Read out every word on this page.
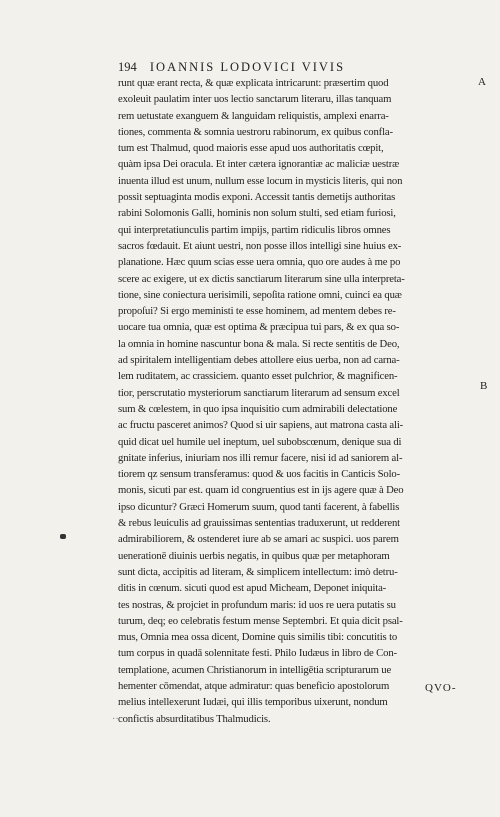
194 IOANNIS LODOVICI VIVIS
A
B
runt quæ erant recta, & quæ explicata intricarunt: præsertim quod
exoleuit paulatim inter uos lectio sanctarum literaru, illas tanquam
rem uetustate exanguem & languidam reliquistis, amplexi enarra-
tiones, commenta & somnia uestroru rabinorum, ex quibus confla-
tum est Thalmud, quod maioris esse apud uos authoritatis cœpit,
quàm ipsa Dei oracula. Et inter cætera ignorantiæ ac maliciæ uestræ
inuenta illud est unum, nullum esse locum in mysticis literis, qui non
possit septuaginta modis exponi. Accessit tantis demetijs authoritas
rabini Solomonis Galli, hominis non solum stulti, sed etiam furiosi,
qui interpretatiunculis partim impijs, partim ridiculis libros omnes
sacros fœdauit. Et aiunt uestri, non posse illos intelligi sine huius ex-
planatione. Hæc quum scias esse uera omnia, quo ore audes à me po
scere ac exigere, ut ex dictis sanctiarum literarum sine ulla interpreta-
tione, sine coniectura uerisimili, sepoſita ratione omni, cuinci ea quæ
propoſui? Si ergo meministi te esse hominem, ad mentem debes re-
uocare tua omnia, quæ est optima & præcipua tui pars, & ex qua so-
la omnia in homine nascuntur bona & mala. Si recte sentitis de Deo,
ad spiritalem intelligentiam debes attollere eius uerba, non ad carna-
lem ruditatem, ac crassiciem. quanto esset pulchrior, & magnificen-
tior, perscrutatio mysteriorum sanctiarum literarum ad sensum excel
sum & cœlestem, in quo ipsa inquisitio cum admirabili delectatione
ac fructu pasceret animos? Quod si uir sapiens, aut matrona casta ali-
quid dicat uel humile uel ineptum, uel subobscœnum, denique sua di
gnitate inferius, iniuriam nos illi remur facere, nisi id ad saniorem al-
tiorem qz sensum transferamus: quod & uos facitis in Canticis Solo-
monis, sicuti par est. quam id congruentius est in ijs agere quæ à Deo
ipso dicuntur? Græci Homerum suum, quod tanti facerent, à fabellis
& rebus leuiculis ad grauissimas sententias traduxerunt, ut redderent
admirabiliorem, & ostenderet iure ab se amari ac suspici. uos parem
uenerationē diuinis uerbis negatis, in quibus quæ per metaphoram
sunt dicta, accipitis ad literam, & simplicem intellectum: imò detru-
ditis in cœnum. sicuti quod est apud Micheam, Deponet iniquita-
tes nostras, & projciet in profundum maris: id uos re uera putatis su
turum, deq; eo celebratis festum mense Septembri. Et quia dicit psal-
mus, Omnia mea ossa dicent, Domine quis similis tibi: concutitis to
tum corpus in quadā solennitate festi. Philo Iudæus in libro de Con-
templatione, acumen Christianorum in intelligētia scripturarum ue
hementer cōmendat, atque admiratur: quas beneficio apostolorum
melius intellexerunt Iudæi, qui illis temporibus uixerunt, nondum
confictis absurditatibus Thalmudicis.
QVO-
··
